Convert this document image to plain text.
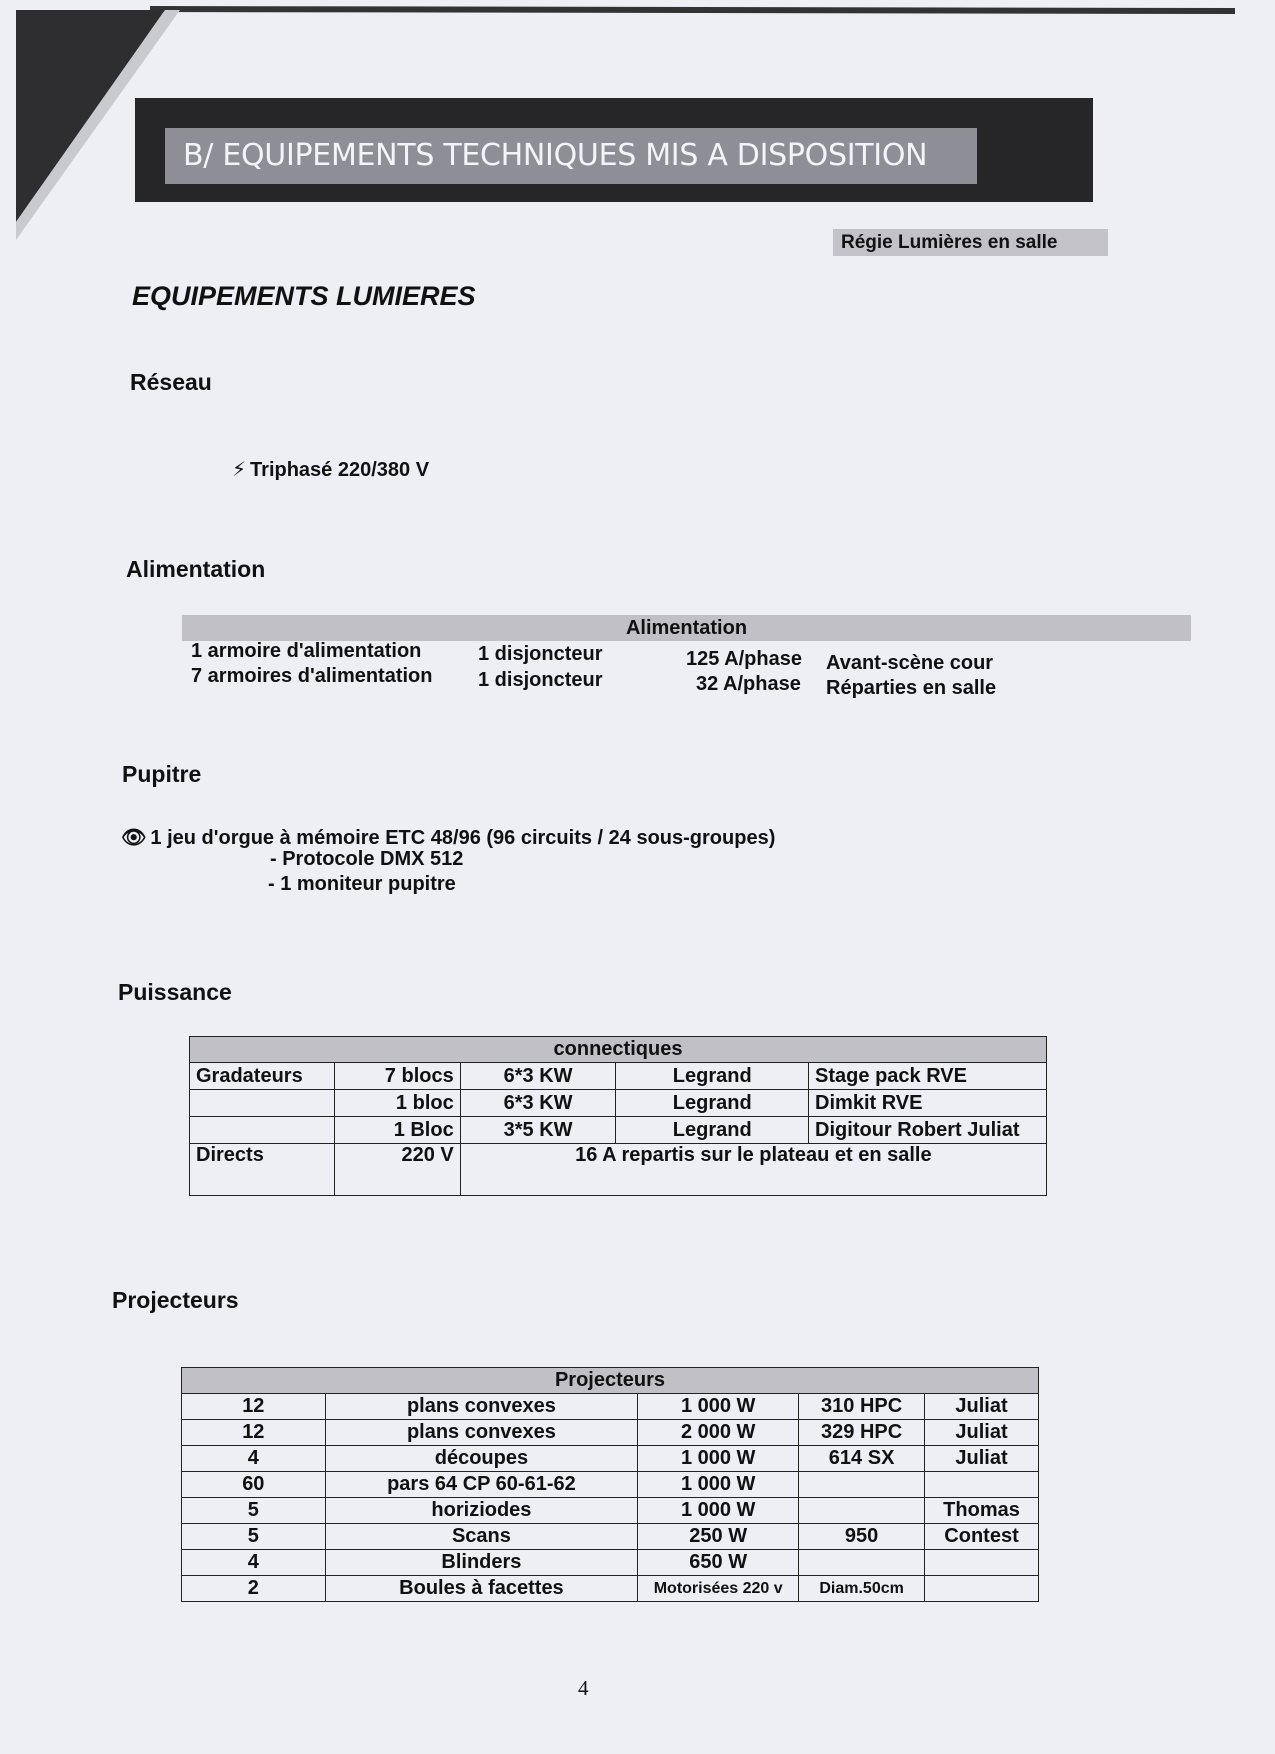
B/ EQUIPEMENTS TECHNIQUES MIS A DISPOSITION
Régie Lumières en salle
EQUIPEMENTS LUMIERES
Réseau
⚡ Triphasé 220/380 V
Alimentation
Alimentation
1 armoire d'alimentation	1 disjoncteur	125 A/phase Avant-scène cour
7 armoires d'alimentation 1 disjoncteur	32 A/phase Réparties en salle
Pupitre
👁 1 jeu d'orgue à mémoire ETC 48/96 (96 circuits / 24 sous-groupes)
- Protocole DMX 512
- 1 moniteur pupitre
Puissance
connectiques				
Gradateurs	7 blocs	6*3 KW	Legrand	Stage pack RVE
	1 bloc	6*3 KW	Legrand	Dimkit RVE
	1 Bloc	3*5 KW	Legrand	Digitour Robert Juliat
Directs	220 V	16 A repartis sur le plateau et en salle		
Projecteurs
Projecteurs				
12	plans convexes	1 000 W	310 HPC	Juliat
12	plans convexes	2 000 W	329 HPC	Juliat
4	découpes	1 000 W	614 SX	Juliat
60	pars 64 CP 60-61-62	1 000 W		
5	horiziodes	1 000 W		Thomas
5	Scans	250 W	950	Contest
4	Blinders	650 W		
2	Boules à facettes	Motorisées 220 v	Diam.50cm	
4
